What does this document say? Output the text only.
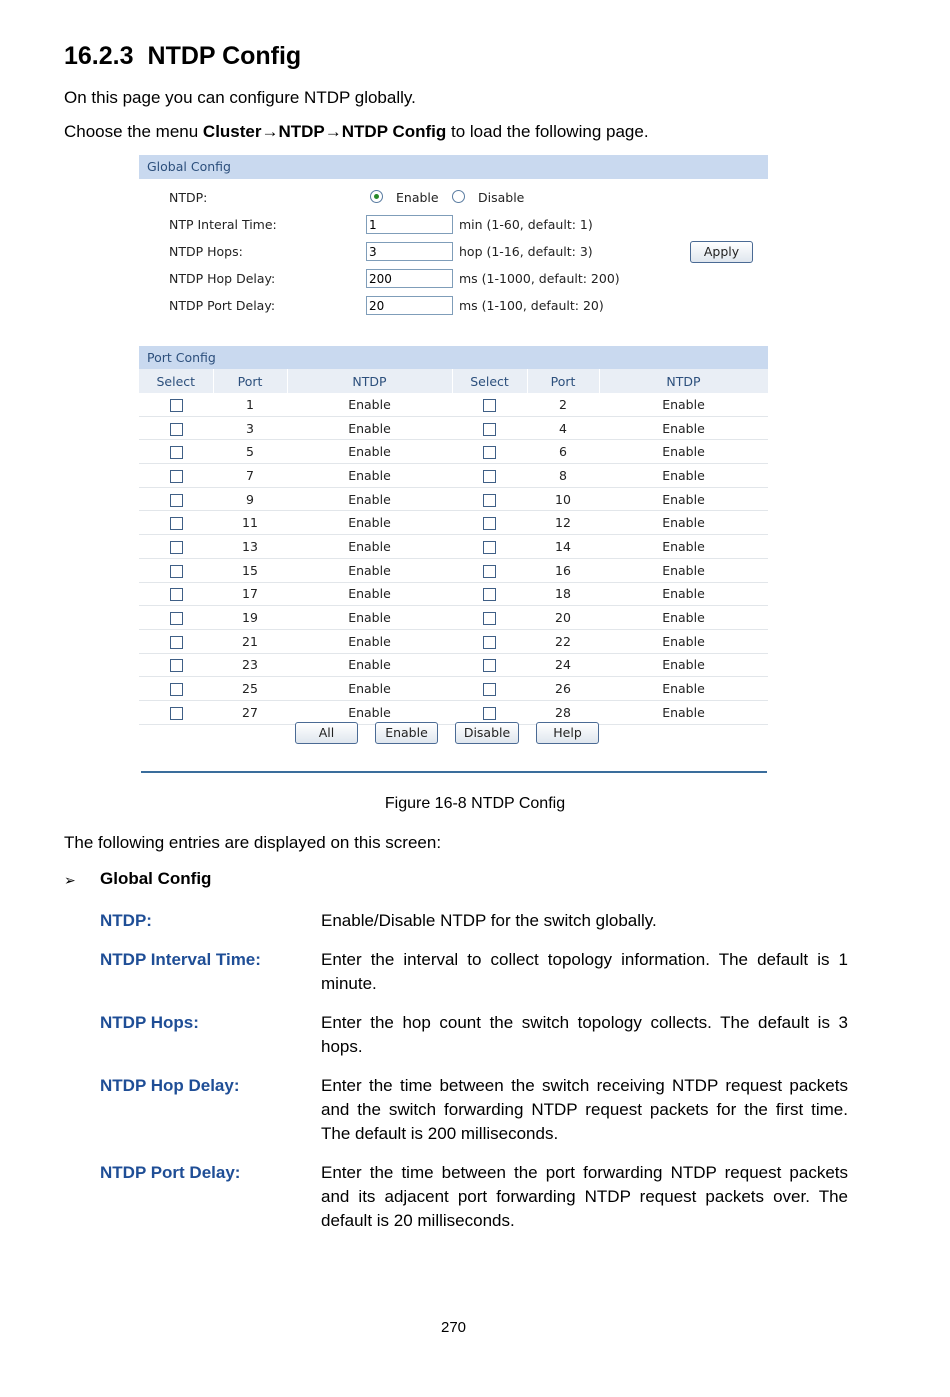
16.2.3 NTDP Config
On this page you can configure NTDP globally.
Choose the menu Cluster→NTDP→NTDP Config to load the following page.
Global Config
NTDP:	Enable	Disable
NTP Interal Time:
1	min (1-60, default: 1)
NTDP Hops:
3	hop (1-16, default: 3)
NTDP Hop Delay:
200	ms (1-1000, default: 200)
NTDP Port Delay:
20	ms (1-100, default: 20)
Apply
Port Config
Select	Port	NTDP	Select	Port	NTDP
	1	Enable		2	Enable
	3	Enable		4	Enable
	5	Enable		6	Enable
	7	Enable		8	Enable
	9	Enable		10	Enable
	11	Enable		12	Enable
	13	Enable		14	Enable
	15	Enable		16	Enable
	17	Enable		18	Enable
	19	Enable		20	Enable
	21	Enable		22	Enable
	23	Enable		24	Enable
	25	Enable		26	Enable
	27	Enable		28	Enable
All	Enable	Disable	Help
Figure 16-8 NTDP Config
The following entries are displayed on this screen:
➢ Global Config
NTDP:	Enable/Disable NTDP for the switch globally.
NTDP Interval Time:	Enter the interval to collect topology information. The default is 1 minute.
NTDP Hops:	Enter the hop count the switch topology collects. The default is 3 hops.
NTDP Hop Delay:	Enter the time between the switch receiving NTDP request packets and the switch forwarding NTDP request packets for the first time. The default is 200 milliseconds.
NTDP Port Delay:	Enter the time between the port forwarding NTDP request packets and its adjacent port forwarding NTDP request packets over. The default is 20 milliseconds.
270
